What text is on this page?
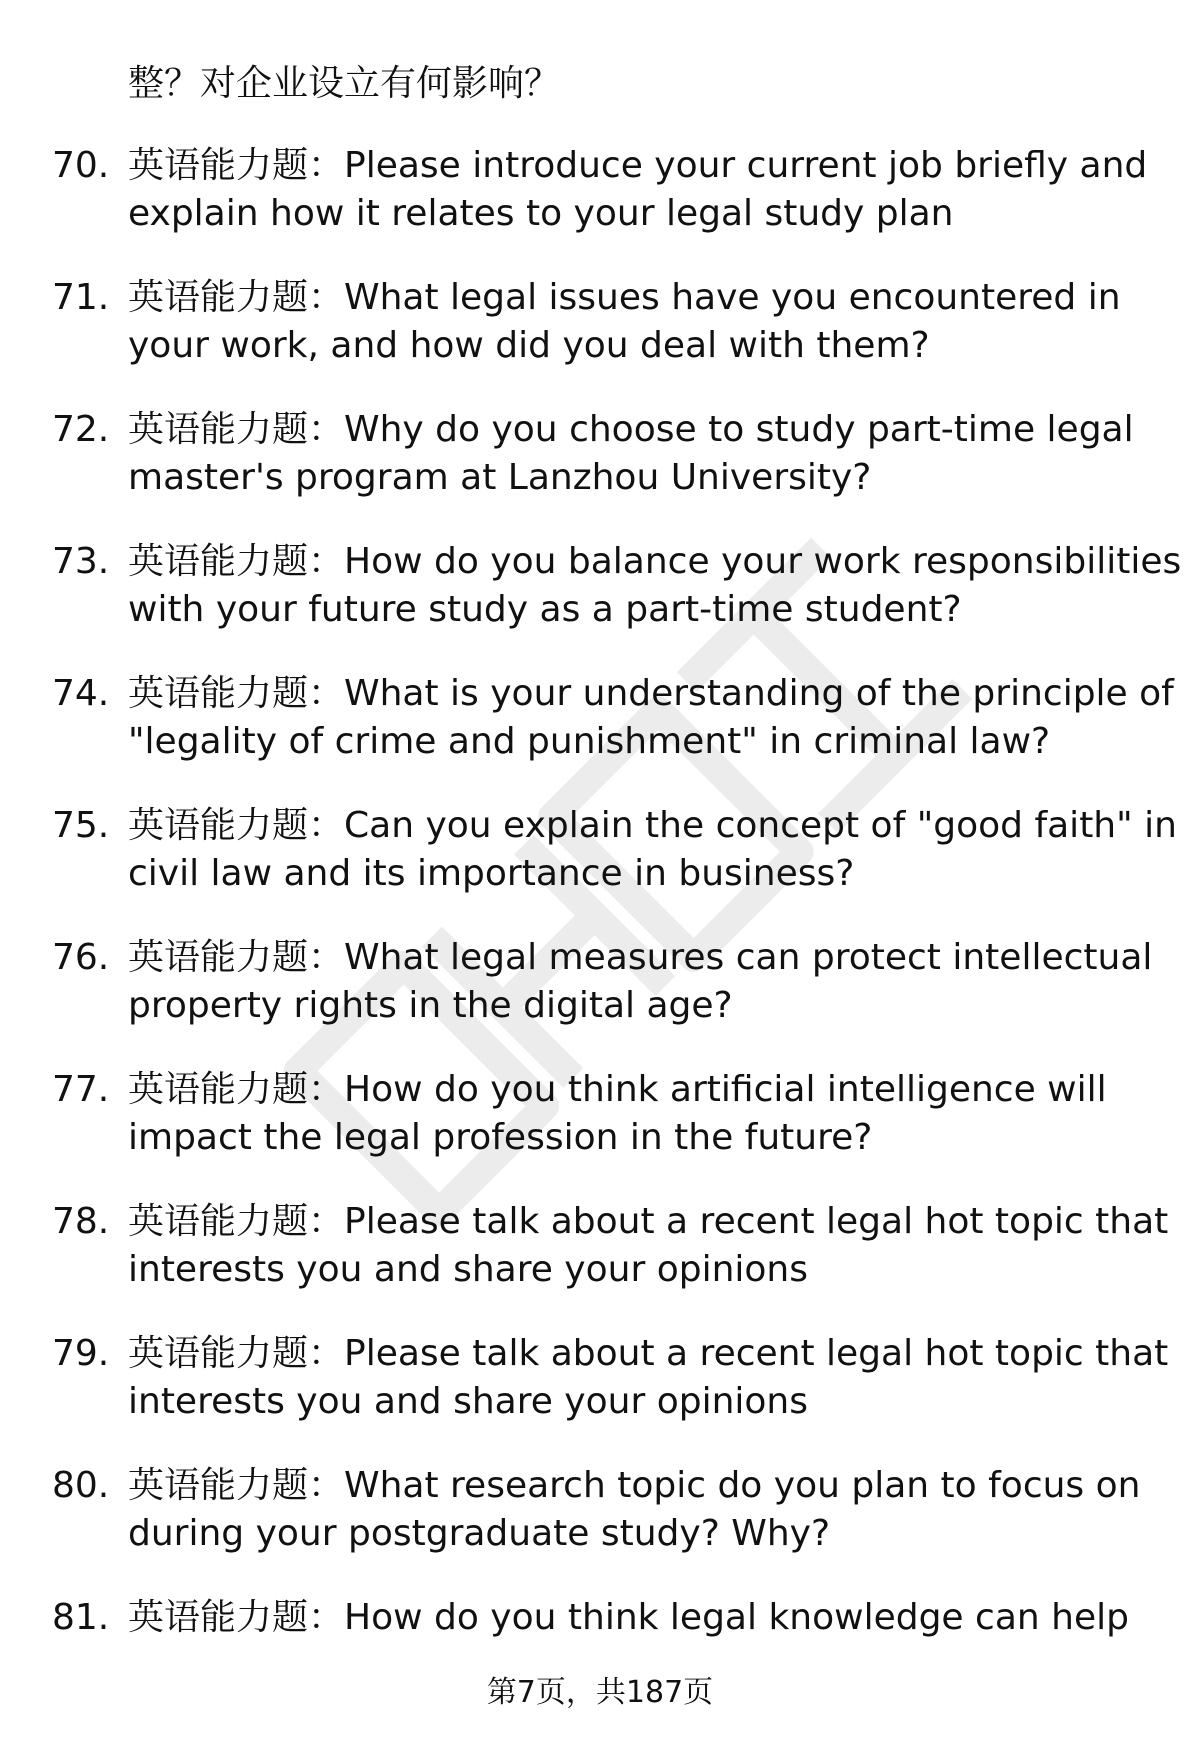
整？对企业设立有何影响？
70. 英语能力题：Please introduce your current job briefly and
explain how it relates to your legal study plan
71. 英语能力题：What legal issues have you encountered in
your work, and how did you deal with them?
72. 英语能力题：Why do you choose to study part-time legal
master's program at Lanzhou University?
73. 英语能力题：How do you balance your work responsibilities
with your future study as a part-time student?
74. 英语能力题：What is your understanding of the principle of
"legality of crime and punishment" in criminal law?
75. 英语能力题：Can you explain the concept of "good faith" in
civil law and its importance in business?
76. 英语能力题：What legal measures can protect intellectual
property rights in the digital age?
77. 英语能力题：How do you think artificial intelligence will
impact the legal profession in the future?
78. 英语能力题：Please talk about a recent legal hot topic that
interests you and share your opinions
79. 英语能力题：Please talk about a recent legal hot topic that
interests you and share your opinions
80. 英语能力题：What research topic do you plan to focus on
during your postgraduate study? Why?
81. 英语能力题：How do you think legal knowledge can help
第7页，共187页
